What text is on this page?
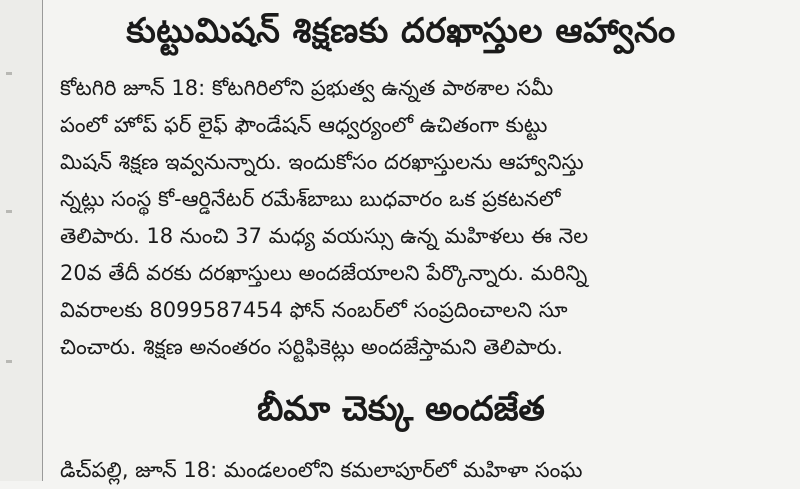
కుట్టుమిషన్ శిక్షణకు దరఖాస్తుల ఆహ్వానం

కోటగిరి జూన్ 18: కోటగిరిలోని ప్రభుత్వ ఉన్నత పాఠశాల సమీ
పంలో హోప్ ఫర్ లైఫ్ ఫౌండేషన్ ఆధ్వర్యంలో ఉచితంగా కుట్టు
మిషన్ శిక్షణ ఇవ్వనున్నారు. ఇందుకోసం దరఖాస్తులను ఆహ్వానిస్తు
న్నట్లు సంస్థ కో-ఆర్డినేటర్ రమేశ్‌బాబు బుధవారం ఒక ప్రకటనలో
తెలిపారు. 18 నుంచి 37 మధ్య వయస్సు ఉన్న మహిళలు ఈ నెల
20వ తేదీ వరకు దరఖాస్తులు అందజేయాలని పేర్కొన్నారు. మరిన్ని
వివరాలకు 8099587454 ఫోన్ నంబర్‌లో సంప్రదించాలని సూ
చించారు. శిక్షణ అనంతరం సర్టిఫికెట్లు అందజేస్తామని తెలిపారు.

బీమా చెక్కు అందజేత

డిచ్‌పల్లి, జూన్ 18: మండలంలోని కమలాపూర్‌లో మహిళా సంఘ
